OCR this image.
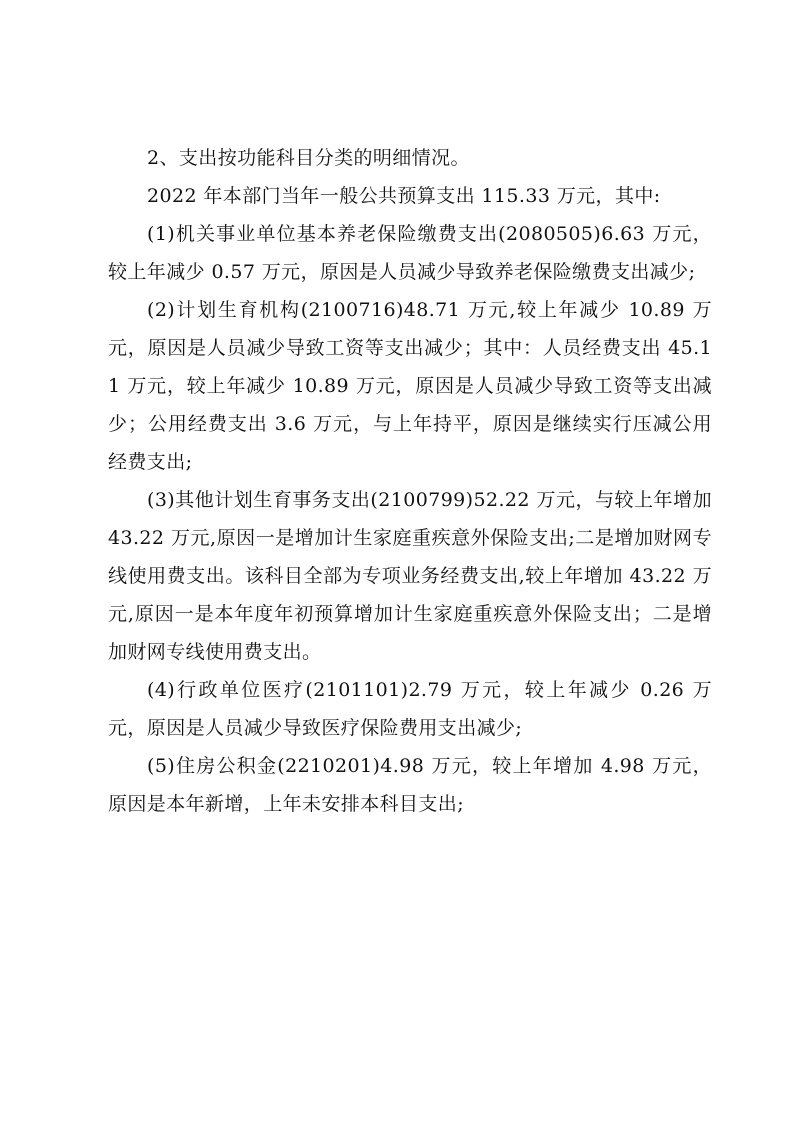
2、支出按功能科目分类的明细情况。

2022 年本部门当年一般公共预算支出 115.33 万元，其中:

(1)机关事业单位基本养老保险缴费支出(2080505)6.63 万元，较上年减少 0.57 万元，原因是人员减少导致养老保险缴费支出减少;

(2)计划生育机构(2100716)48.71 万元,较上年减少 10.89 万元，原因是人员减少导致工资等支出减少；其中：人员经费支出 45.11 万元，较上年减少 10.89 万元，原因是人员减少导致工资等支出减少；公用经费支出 3.6 万元，与上年持平，原因是继续实行压减公用经费支出;

(3)其他计划生育事务支出(2100799)52.22 万元，与较上年增加 43.22 万元,原因一是增加计生家庭重疾意外保险支出;二是增加财网专线使用费支出。该科目全部为专项业务经费支出,较上年增加 43.22 万元,原因一是本年度年初预算增加计生家庭重疾意外保险支出；二是增加财网专线使用费支出。

(4)行政单位医疗(2101101)2.79 万元，较上年减少 0.26 万元，原因是人员减少导致医疗保险费用支出减少;

(5)住房公积金(2210201)4.98 万元，较上年增加 4.98 万元，原因是本年新增，上年未安排本科目支出;
